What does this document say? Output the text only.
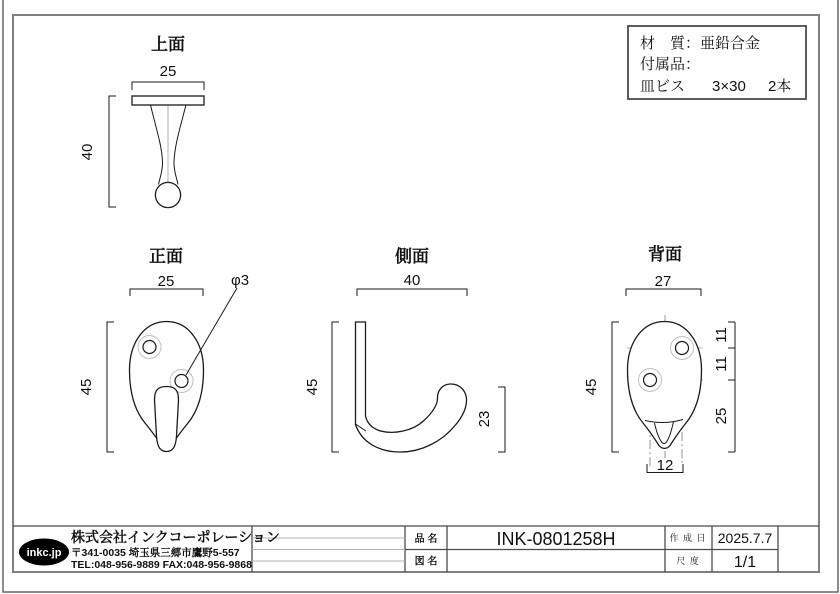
上面
25
40
正面
25
45
φ3
側面
40
45
23
背面
27
45
11
11
25
12
材　質：亜鉛合金
付属品：
皿ビス 3×30 2本
inkc.jp
株式会社インクコーポレーション
〒341-0035 埼玉県三郷市鷹野5-557
TEL:048-956-9889 FAX:048-956-9868
品 名	INK-0801258H
図 名
作 成 日 2025.7.7
尺 度 1/1
